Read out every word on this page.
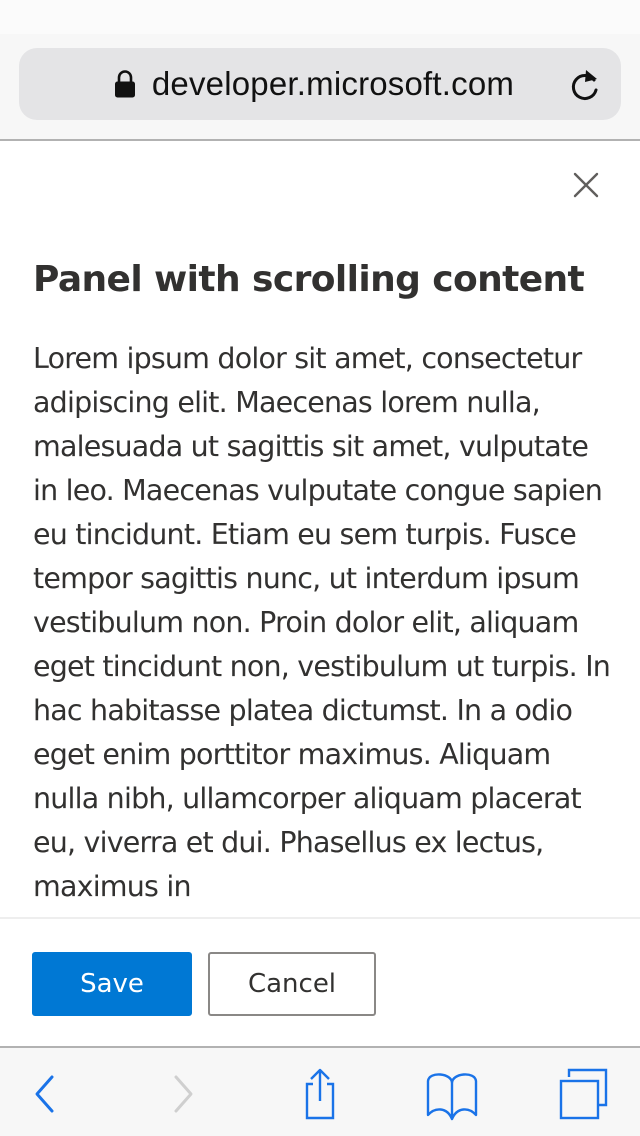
developer.microsoft.com
Panel with scrolling content

Lorem ipsum dolor sit amet, consectetur adipiscing elit. Maecenas lorem nulla, malesuada ut sagittis sit amet, vulputate in leo. Maecenas vulputate congue sapien eu tincidunt. Etiam eu sem turpis. Fusce tempor sagittis nunc, ut interdum ipsum vestibulum non. Proin dolor elit, aliquam eget tincidunt non, vestibulum ut turpis. In hac habitasse platea dictumst. In a odio eget enim porttitor maximus. Aliquam nulla nibh, ullamcorper aliquam placerat eu, viverra et dui. Phasellus ex lectus, maximus in

Save	Cancel
